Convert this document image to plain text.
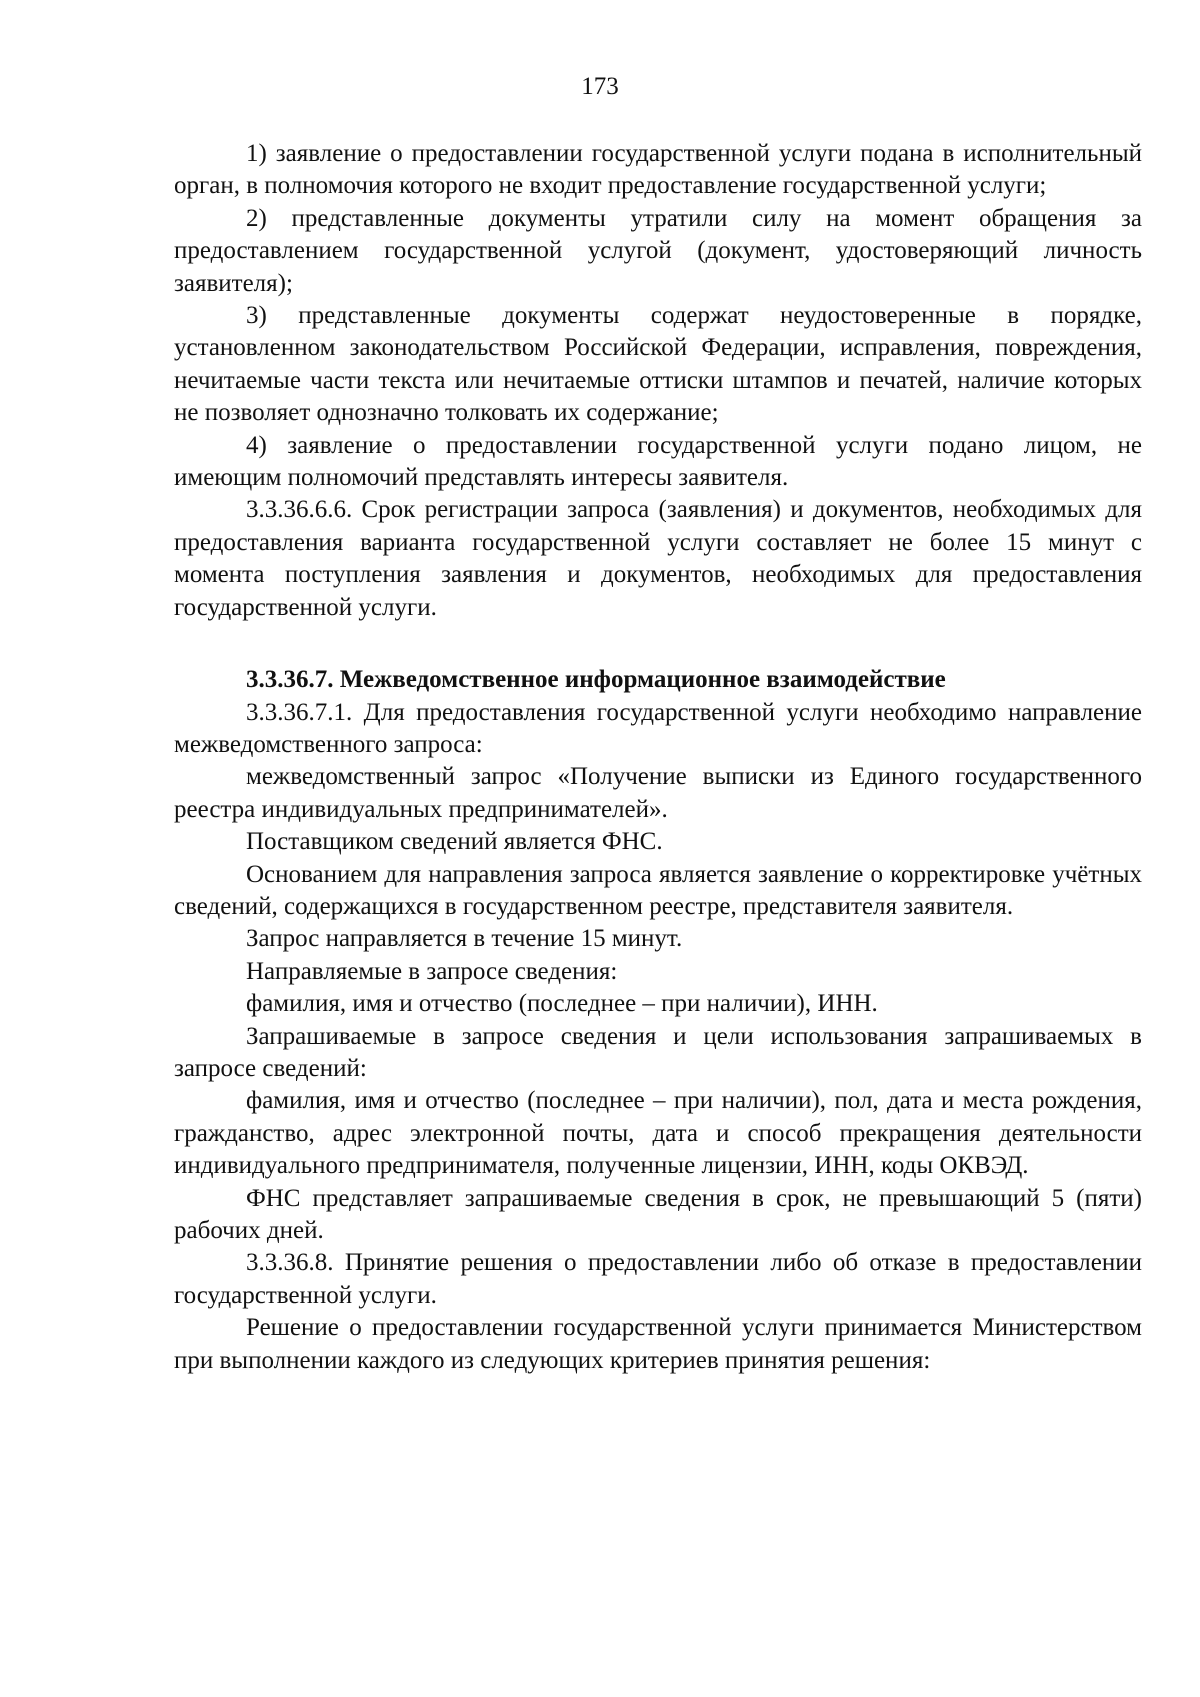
173

1) заявление о предоставлении государственной услуги подана в исполнительный орган, в полномочия которого не входит предоставление государственной услуги;

2) представленные документы утратили силу на момент обращения за предоставлением государственной услугой (документ, удостоверяющий личность заявителя);

3) представленные документы содержат неудостоверенные в порядке, установленном законодательством Российской Федерации, исправления, повреждения, нечитаемые части текста или нечитаемые оттиски штампов и печатей, наличие которых не позволяет однозначно толковать их содержание;

4) заявление о предоставлении государственной услуги подано лицом, не имеющим полномочий представлять интересы заявителя.

3.3.36.6.6. Срок регистрации запроса (заявления) и документов, необходимых для предоставления варианта государственной услуги составляет не более 15 минут с момента поступления заявления и документов, необходимых для предоставления государственной услуги.

3.3.36.7. Межведомственное информационное взаимодействие

3.3.36.7.1. Для предоставления государственной услуги необходимо направление межведомственного запроса:

межведомственный запрос «Получение выписки из Единого государственного реестра индивидуальных предпринимателей».

Поставщиком сведений является ФНС.

Основанием для направления запроса является заявление о корректировке учётных сведений, содержащихся в государственном реестре, представителя заявителя.

Запрос направляется в течение 15 минут.

Направляемые в запросе сведения:

фамилия, имя и отчество (последнее – при наличии), ИНН.

Запрашиваемые в запросе сведения и цели использования запрашиваемых в запросе сведений:

фамилия, имя и отчество (последнее – при наличии), пол, дата и места рождения, гражданство, адрес электронной почты, дата и способ прекращения деятельности индивидуального предпринимателя, полученные лицензии, ИНН, коды ОКВЭД.

ФНС представляет запрашиваемые сведения в срок, не превышающий 5 (пяти) рабочих дней.

3.3.36.8. Принятие решения о предоставлении либо об отказе в предоставлении государственной услуги.

Решение о предоставлении государственной услуги принимается Министерством при выполнении каждого из следующих критериев принятия решения:
